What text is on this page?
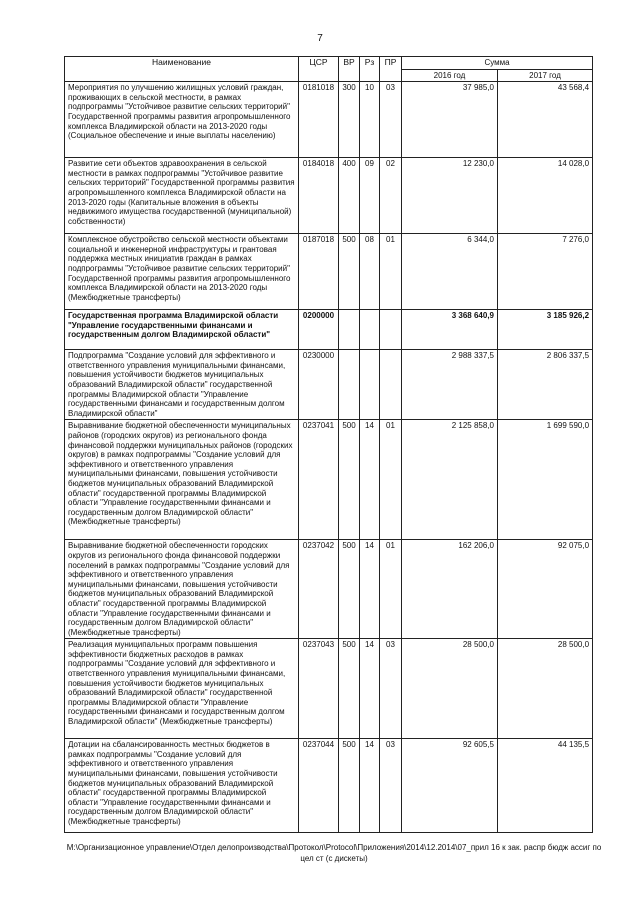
7
Наименование	ЦСР	ВР	Рз	ПР	Сумма	
					2016 год	2017 год
Мероприятия по улучшению жилищных условий граждан, проживающих в сельской местности, в рамках подпрограммы "Устойчивое развитие сельских территорий" Государственной программы развития агропромышленного комплекса Владимирской области на 2013-2020 годы (Социальное обеспечение и иные выплаты населению)	0181018	300	10	03	37 985,0	43 568,4
Развитие сети объектов здравоохранения в сельской местности в рамках подпрограммы "Устойчивое развитие сельских территорий" Государственной программы развития агропромышленного комплекса Владимирской области на 2013-2020 годы (Капитальные вложения в объекты недвижимого имущества государственной (муниципальной) собственности)	0184018	400	09	02	12 230,0	14 028,0
Комплексное обустройство сельской местности объектами социальной и инженерной инфраструктуры и грантовая поддержка местных инициатив граждан в рамках подпрограммы "Устойчивое развитие сельских территорий" Государственной программы развития агропромышленного комплекса Владимирской области на 2013-2020 годы (Межбюджетные трансферты)	0187018	500	08	01	6 344,0	7 276,0
Государственная программа Владимирской области "Управление государственными финансами и государственным долгом Владимирской области"	0200000				3 368 640,9	3 185 926,2
Подпрограмма "Создание условий для эффективного и ответственного управления муниципальными финансами, повышения устойчивости бюджетов муниципальных образований Владимирской области" государственной программы Владимирской области "Управление государственными финансами и государственным долгом Владимирской области"	0230000				2 988 337,5	2 806 337,5
Выравнивание бюджетной обеспеченности муниципальных районов (городских округов) из регионального фонда финансовой поддержки муниципальных районов (городских округов) в рамках подпрограммы "Создание условий для эффективного и ответственного управления муниципальными финансами, повышения устойчивости бюджетов муниципальных образований Владимирской области" государственной программы Владимирской области "Управление государственными финансами и государственным долгом Владимирской области" (Межбюджетные трансферты)	0237041	500	14	01	2 125 858,0	1 699 590,0
Выравнивание бюджетной обеспеченности городских округов из регионального фонда финансовой поддержки поселений в рамках подпрограммы "Создание условий для эффективного и ответственного управления муниципальными финансами, повышения устойчивости бюджетов муниципальных образований Владимирской области" государственной программы Владимирской области "Управление государственными финансами и государственным долгом Владимирской области" (Межбюджетные трансферты)	0237042	500	14	01	162 206,0	92 075,0
Реализация муниципальных программ повышения эффективности бюджетных расходов в рамках подпрограммы "Создание условий для эффективного и ответственного управления муниципальными финансами, повышения устойчивости бюджетов муниципальных образований Владимирской области" государственной программы Владимирской области "Управление государственными финансами и государственным долгом Владимирской области" (Межбюджетные трансферты)	0237043	500	14	03	28 500,0	28 500,0
Дотации на сбалансированность местных бюджетов в рамках подпрограммы "Создание условий для эффективного и ответственного управления муниципальными финансами, повышения устойчивости бюджетов муниципальных образований Владимирской области" государственной программы Владимирской области "Управление государственными финансами и государственным долгом Владимирской области" (Межбюджетные трансферты)	0237044	500	14	03	92 605,5	44 135,5
M:\Организационное управление\Отдел делопроизводства\Протокол\Protocol\Приложения\2014\12.2014\07_прил 16 к зак. распр бюдж ассиг по цел ст (с дискеты)
